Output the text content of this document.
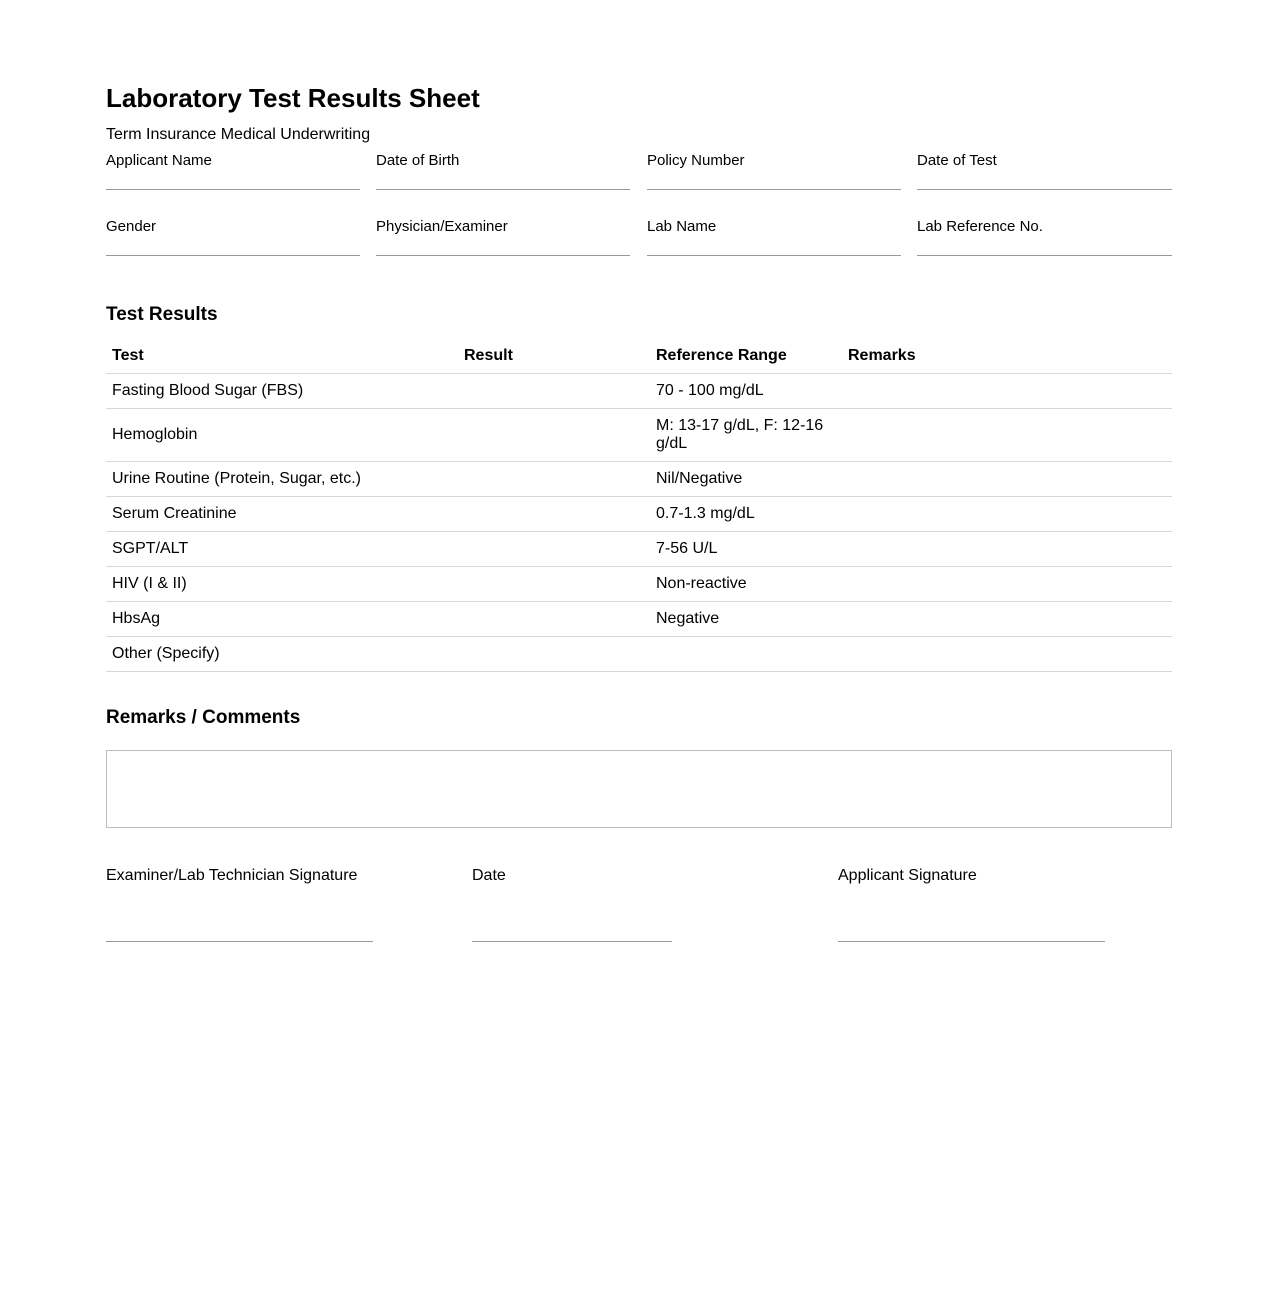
Laboratory Test Results Sheet
Term Insurance Medical Underwriting
Applicant Name	Date of Birth	Policy Number	Date of Test
Gender	Physician/Examiner	Lab Name	Lab Reference No.
Test Results
Test	Result	Reference Range	Remarks
Fasting Blood Sugar (FBS)		70 - 100 mg/dL	
Hemoglobin		M: 13-17 g/dL, F: 12-16 g/dL	
Urine Routine (Protein, Sugar, etc.)		Nil/Negative	
Serum Creatinine		0.7-1.3 mg/dL	
SGPT/ALT		7-56 U/L	
HIV (I & II)		Non-reactive	
HbsAg		Negative	
Other (Specify)			
Remarks / Comments
Examiner/Lab Technician Signature	Date	Applicant Signature
